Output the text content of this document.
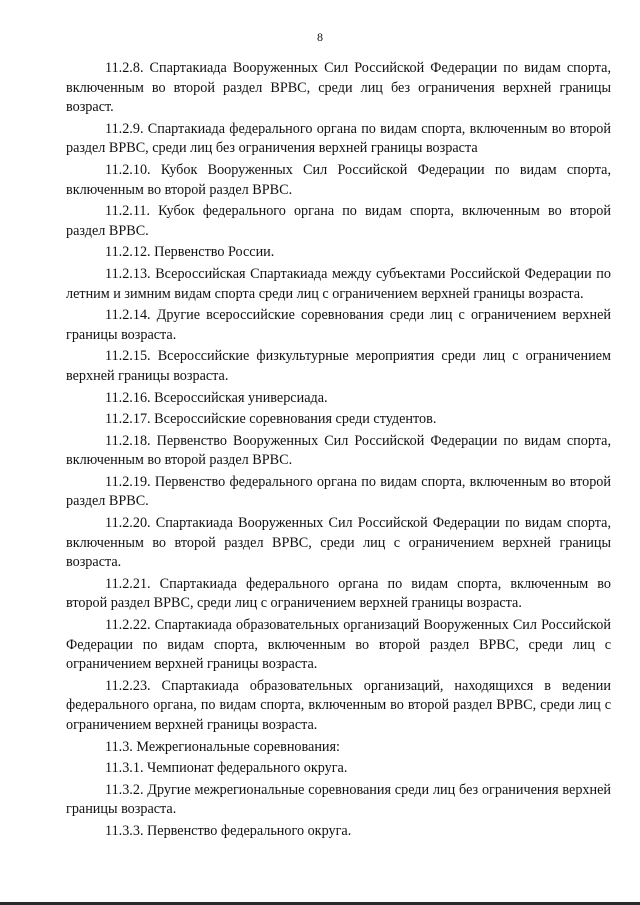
8

11.2.8. Спартакиада Вооруженных Сил Российской Федерации по видам спорта, включенным во второй раздел ВРВС, среди лиц без ограничения верхней границы возраст.

11.2.9. Спартакиада федерального органа по видам спорта, включенным во второй раздел ВРВС, среди лиц без ограничения верхней границы возраста

11.2.10. Кубок Вооруженных Сил Российской Федерации по видам спорта, включенным во второй раздел ВРВС.

11.2.11. Кубок федерального органа по видам спорта, включенным во второй раздел ВРВС.

11.2.12. Первенство России.

11.2.13. Всероссийская Спартакиада между субъектами Российской Федерации по летним и зимним видам спорта среди лиц с ограничением верхней границы возраста.

11.2.14. Другие всероссийские соревнования среди лиц с ограничением верхней границы возраста.

11.2.15. Всероссийские физкультурные мероприятия среди лиц с ограничением верхней границы возраста.

11.2.16. Всероссийская универсиада.

11.2.17. Всероссийские соревнования среди студентов.

11.2.18. Первенство Вооруженных Сил Российской Федерации по видам спорта, включенным во второй раздел ВРВС.

11.2.19. Первенство федерального органа по видам спорта, включенным во второй раздел ВРВС.

11.2.20. Спартакиада Вооруженных Сил Российской Федерации по видам спорта, включенным во второй раздел ВРВС, среди лиц с ограничением верхней границы возраста.

11.2.21. Спартакиада федерального органа по видам спорта, включенным во второй раздел ВРВС, среди лиц с ограничением верхней границы возраста.

11.2.22. Спартакиада образовательных организаций Вооруженных Сил Российской Федерации по видам спорта, включенным во второй раздел ВРВС, среди лиц с ограничением верхней границы возраста.

11.2.23. Спартакиада образовательных организаций, находящихся в ведении федерального органа, по видам спорта, включенным во второй раздел ВРВС, среди лиц с ограничением верхней границы возраста.

11.3. Межрегиональные соревнования:

11.3.1. Чемпионат федерального округа.

11.3.2. Другие межрегиональные соревнования среди лиц без ограничения верхней границы возраста.

11.3.3. Первенство федерального округа.
